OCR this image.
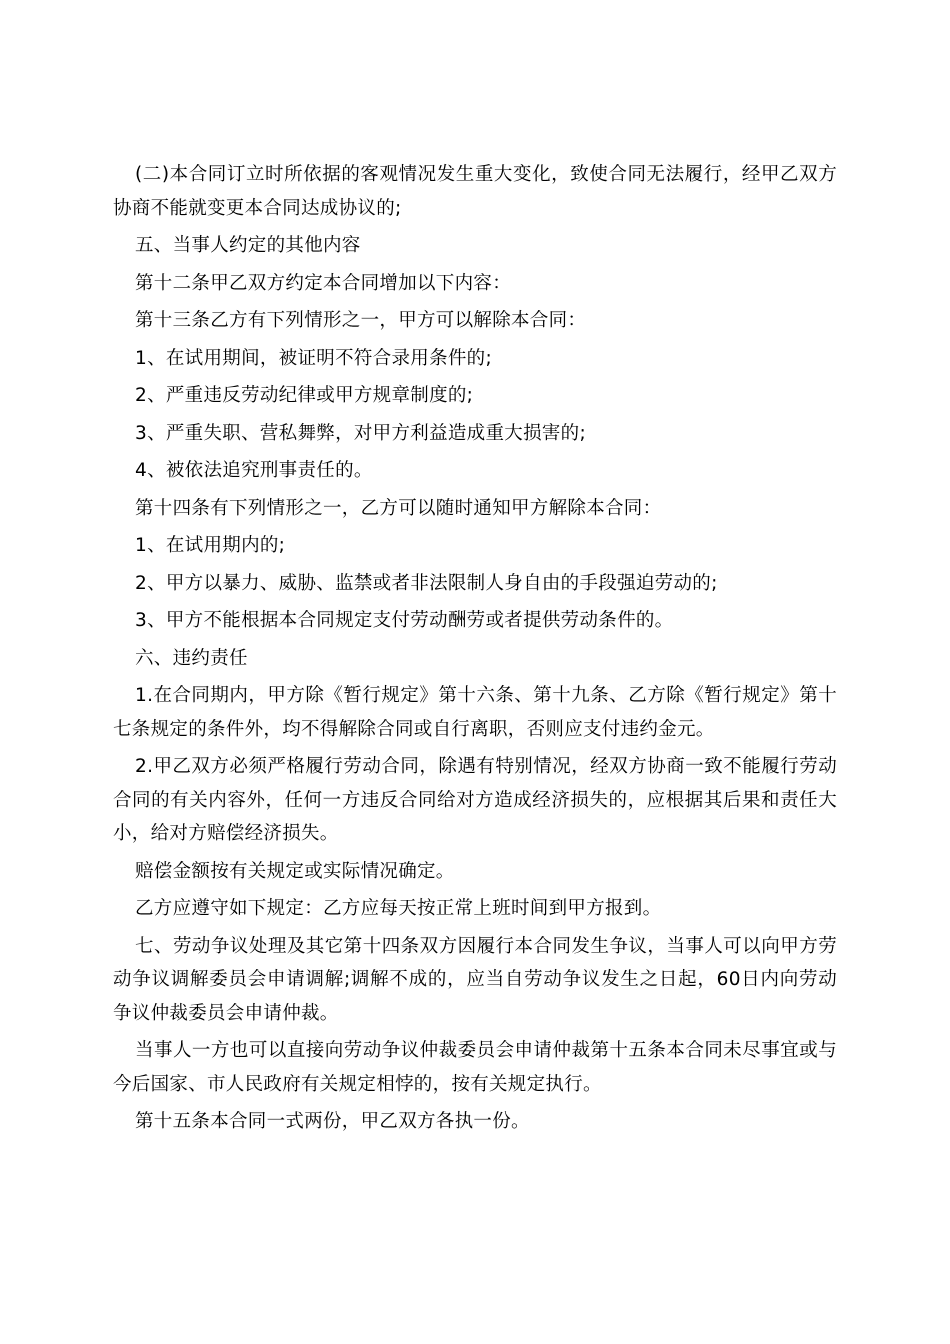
(二)本合同订立时所依据的客观情况发生重大变化，致使合同无法履行，经甲乙双方协商不能就变更本合同达成协议的;

五、当事人约定的其他内容

第十二条甲乙双方约定本合同增加以下内容：

第十三条乙方有下列情形之一，甲方可以解除本合同：

1、在试用期间，被证明不符合录用条件的;

2、严重违反劳动纪律或甲方规章制度的;

3、严重失职、营私舞弊，对甲方利益造成重大损害的;

4、被依法追究刑事责任的。

第十四条有下列情形之一，乙方可以随时通知甲方解除本合同：

1、在试用期内的;

2、甲方以暴力、威胁、监禁或者非法限制人身自由的手段强迫劳动的;

3、甲方不能根据本合同规定支付劳动酬劳或者提供劳动条件的。

六、违约责任

1.在合同期内，甲方除《暂行规定》第十六条、第十九条、乙方除《暂行规定》第十七条规定的条件外，均不得解除合同或自行离职，否则应支付违约金元。

2.甲乙双方必须严格履行劳动合同，除遇有特别情况，经双方协商一致不能履行劳动合同的有关内容外，任何一方违反合同给对方造成经济损失的，应根据其后果和责任大小，给对方赔偿经济损失。

赔偿金额按有关规定或实际情况确定。

乙方应遵守如下规定：乙方应每天按正常上班时间到甲方报到。

七、劳动争议处理及其它第十四条双方因履行本合同发生争议，当事人可以向甲方劳动争议调解委员会申请调解;调解不成的，应当自劳动争议发生之日起，60日内向劳动争议仲裁委员会申请仲裁。

当事人一方也可以直接向劳动争议仲裁委员会申请仲裁第十五条本合同未尽事宜或与今后国家、市人民政府有关规定相悖的，按有关规定执行。

第十五条本合同一式两份，甲乙双方各执一份。
